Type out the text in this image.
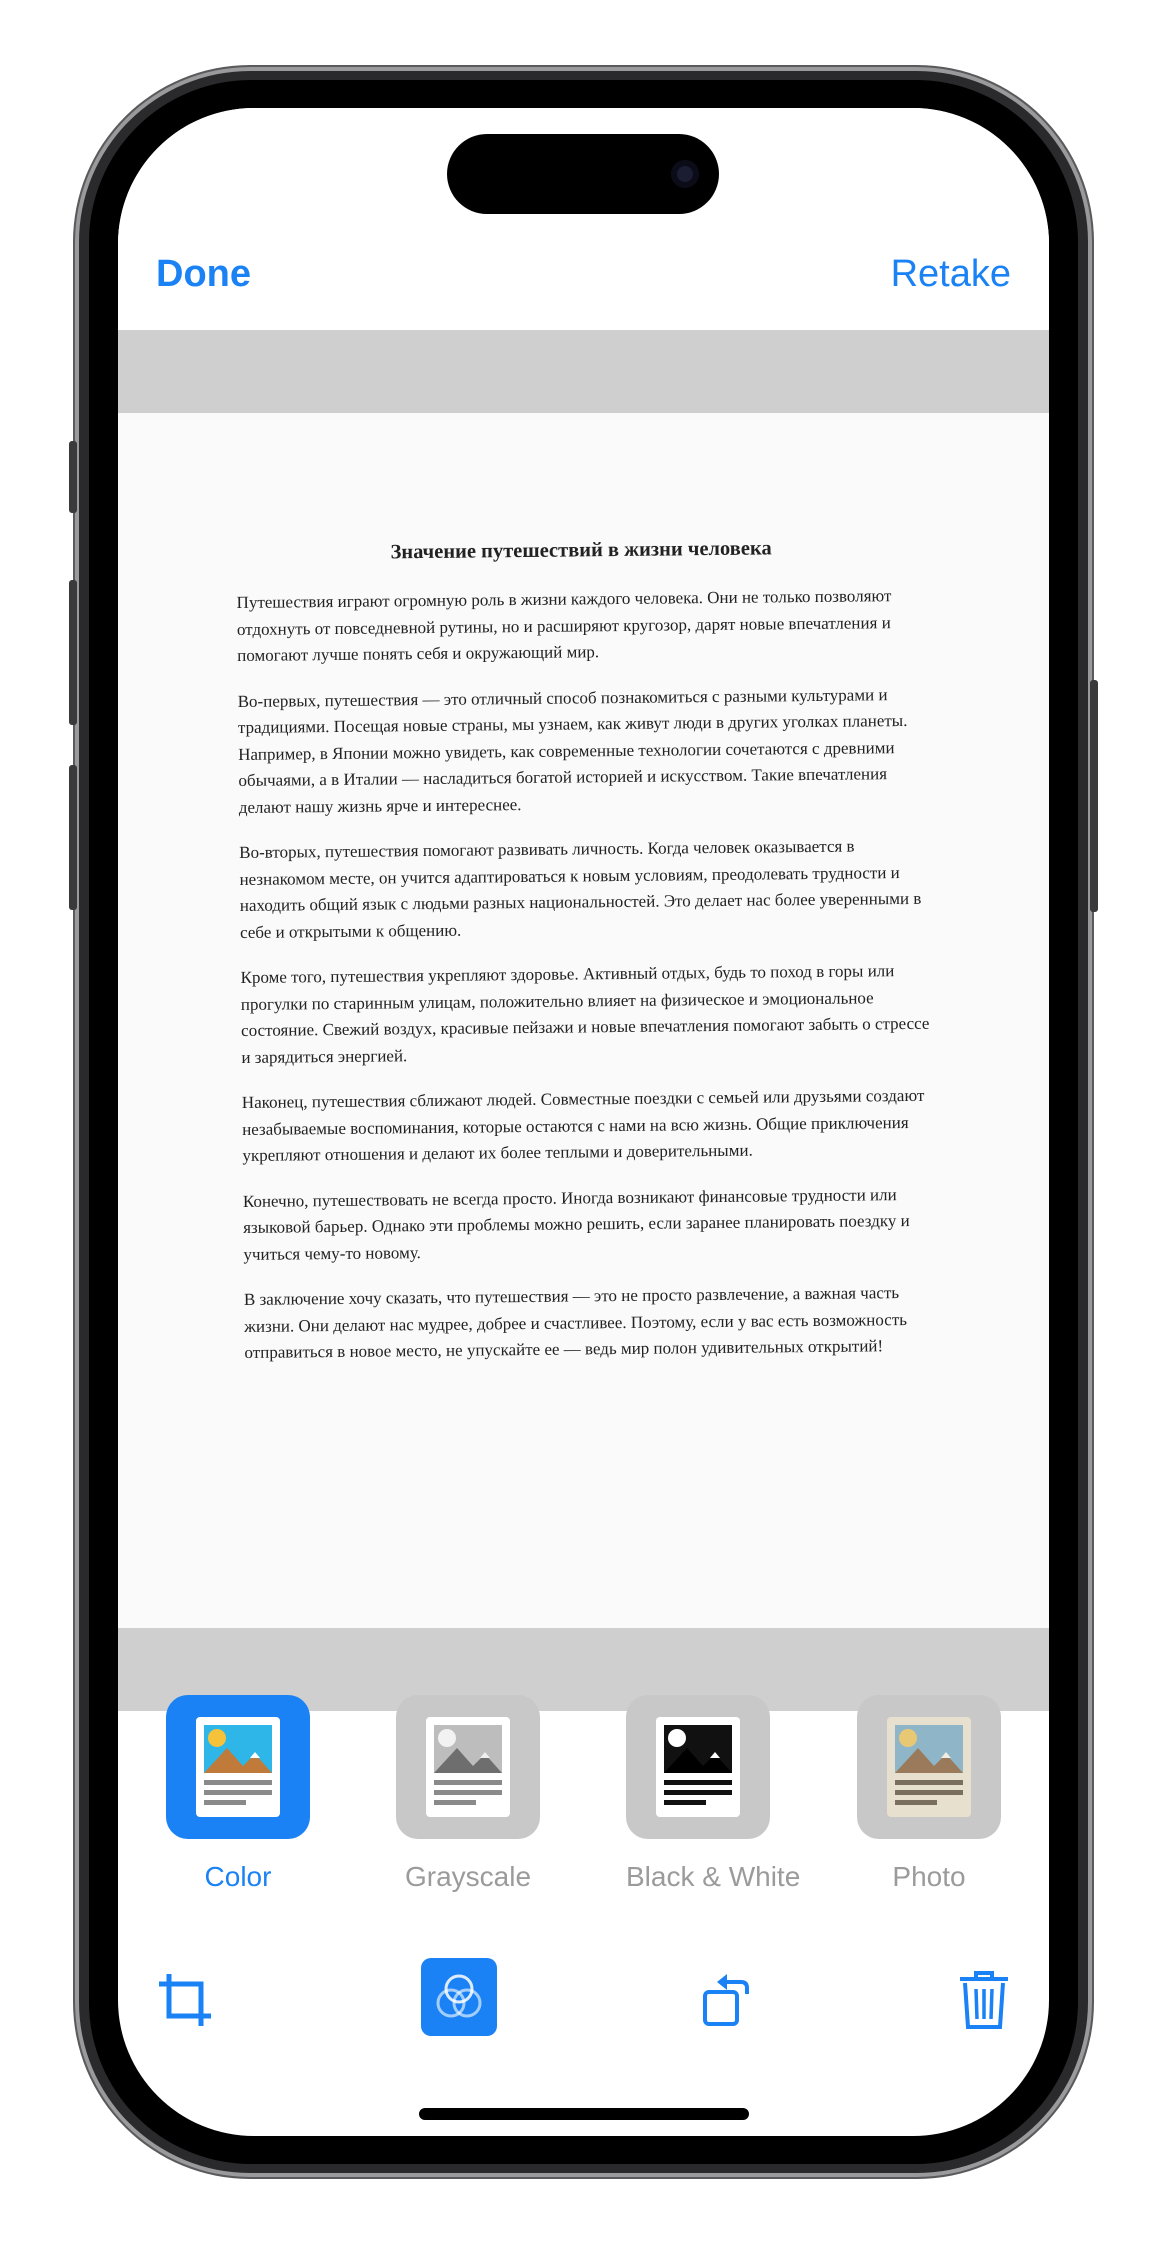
Done	Retake
Значение путешествий в жизни человека

Путешествия играют огромную роль в жизни каждого человека. Они не только позволяют отдохнуть от повседневной рутины, но и расширяют кругозор, дарят новые впечатления и помогают лучше понять себя и окружающий мир.

Во-первых, путешествия — это отличный способ познакомиться с разными культурами и традициями. Посещая новые страны, мы узнаем, как живут люди в других уголках планеты. Например, в Японии можно увидеть, как современные технологии сочетаются с древними обычаями, а в Италии — насладиться богатой историей и искусством. Такие впечатления делают нашу жизнь ярче и интереснее.

Во-вторых, путешествия помогают развивать личность. Когда человек оказывается в незнакомом месте, он учится адаптироваться к новым условиям, преодолевать трудности и находить общий язык с людьми разных национальностей. Это делает нас более уверенными в себе и открытыми к общению.

Кроме того, путешествия укрепляют здоровье. Активный отдых, будь то поход в горы или прогулки по старинным улицам, положительно влияет на физическое и эмоциональное состояние. Свежий воздух, красивые пейзажи и новые впечатления помогают забыть о стрессе и зарядиться энергией.

Наконец, путешествия сближают людей. Совместные поездки с семьей или друзьями создают незабываемые воспоминания, которые остаются с нами на всю жизнь. Общие приключения укрепляют отношения и делают их более теплыми и доверительными.

Конечно, путешествовать не всегда просто. Иногда возникают финансовые трудности или языковой барьер. Однако эти проблемы можно решить, если заранее планировать поездку и учиться чему-то новому.

В заключение хочу сказать, что путешествия — это не просто развлечение, а важная часть жизни. Они делают нас мудрее, добрее и счастливее. Поэтому, если у вас есть возможность отправиться в новое место, не упускайте ее — ведь мир полон удивительных открытий!

Color	Grayscale	Black & White	Photo
